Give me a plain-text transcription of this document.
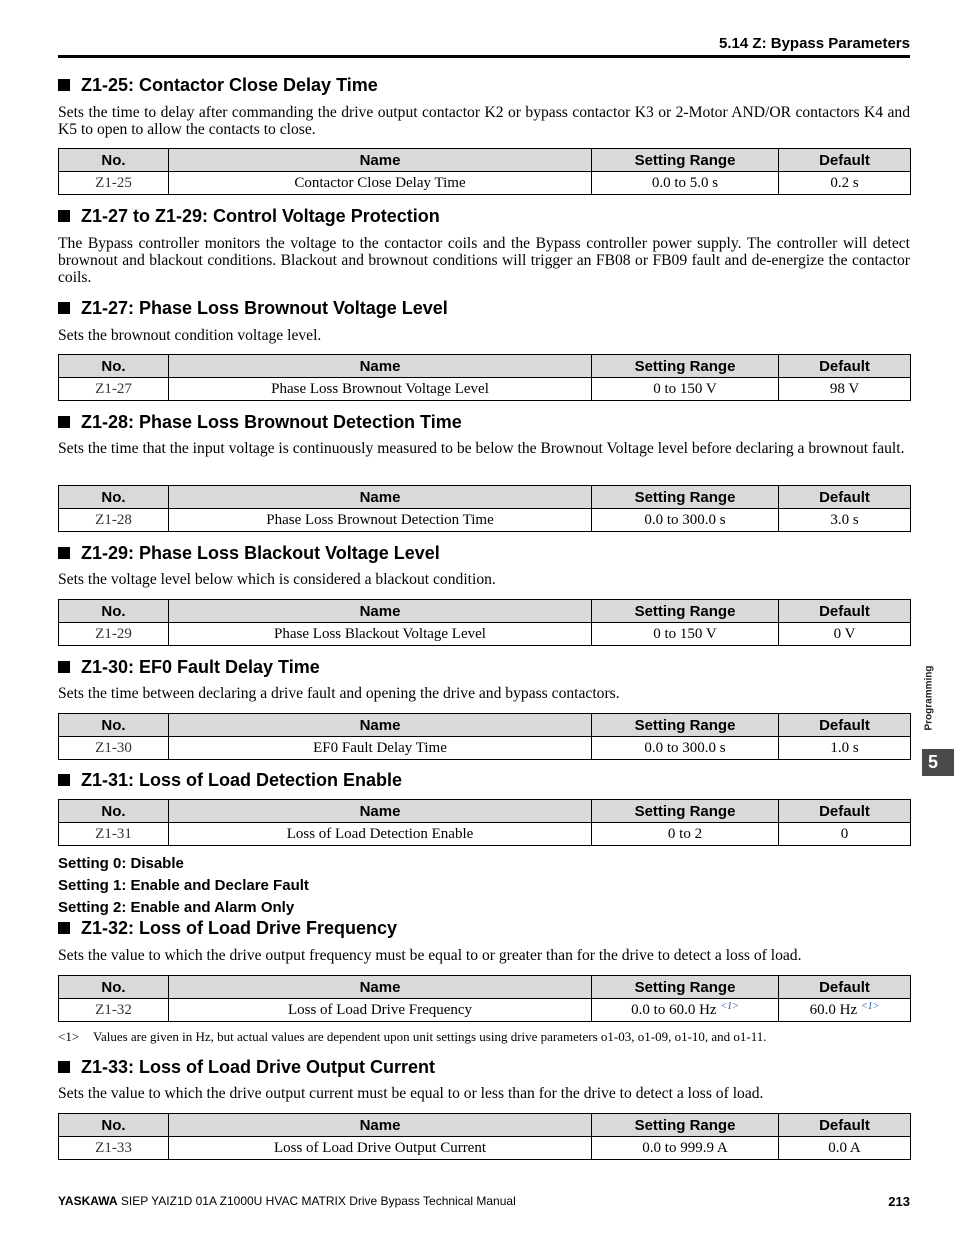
5.14 Z: Bypass Parameters
Z1-25: Contactor Close Delay Time
Sets the time to delay after commanding the drive output contactor K2 or bypass contactor K3 or 2-Motor AND/OR contactors K4 and K5 to open to allow the contacts to close.
No.	Name	Setting Range	Default
Z1-25	Contactor Close Delay Time	0.0 to 5.0 s	0.2 s
Z1-27 to Z1-29: Control Voltage Protection
The Bypass controller monitors the voltage to the contactor coils and the Bypass controller power supply. The controller will detect brownout and blackout conditions. Blackout and brownout conditions will trigger an FB08 or FB09 fault and de-energize the contactor coils.
Z1-27: Phase Loss Brownout Voltage Level
Sets the brownout condition voltage level.
No.	Name	Setting Range	Default
Z1-27	Phase Loss Brownout Voltage Level	0 to 150 V	98 V
Z1-28: Phase Loss Brownout Detection Time
Sets the time that the input voltage is continuously measured to be below the Brownout Voltage level before declaring a brownout fault.
No.	Name	Setting Range	Default
Z1-28	Phase Loss Brownout Detection Time	0.0 to 300.0 s	3.0 s
Z1-29: Phase Loss Blackout Voltage Level
Sets the voltage level below which is considered a blackout condition.
No.	Name	Setting Range	Default
Z1-29	Phase Loss Blackout Voltage Level	0 to 150 V	0 V
Z1-30: EF0 Fault Delay Time
Sets the time between declaring a drive fault and opening the drive and bypass contactors.
No.	Name	Setting Range	Default
Z1-30	EF0 Fault Delay Time	0.0 to 300.0 s	1.0 s
Z1-31: Loss of Load Detection Enable
No.	Name	Setting Range	Default
Z1-31	Loss of Load Detection Enable	0 to 2	0
Setting 0: Disable
Setting 1: Enable and Declare Fault
Setting 2: Enable and Alarm Only
Z1-32: Loss of Load Drive Frequency
Sets the value to which the drive output frequency must be equal to or greater than for the drive to detect a loss of load.
No.	Name	Setting Range	Default
Z1-32	Loss of Load Drive Frequency	0.0 to 60.0 Hz $^{<1>}$	60.0 Hz $^{<1>}$
<1> Values are given in Hz, but actual values are dependent upon unit settings using drive parameters o1-03, o1-09, o1-10, and o1-11.
Z1-33: Loss of Load Drive Output Current
Sets the value to which the drive output current must be equal to or less than for the drive to detect a loss of load.
No.	Name	Setting Range	Default
Z1-33	Loss of Load Drive Output Current	0.0 to 999.9 A	0.0 A
Programming
5
YASKAWA SIEP YAIZ1D 01A Z1000U HVAC MATRIX Drive Bypass Technical Manual	213
